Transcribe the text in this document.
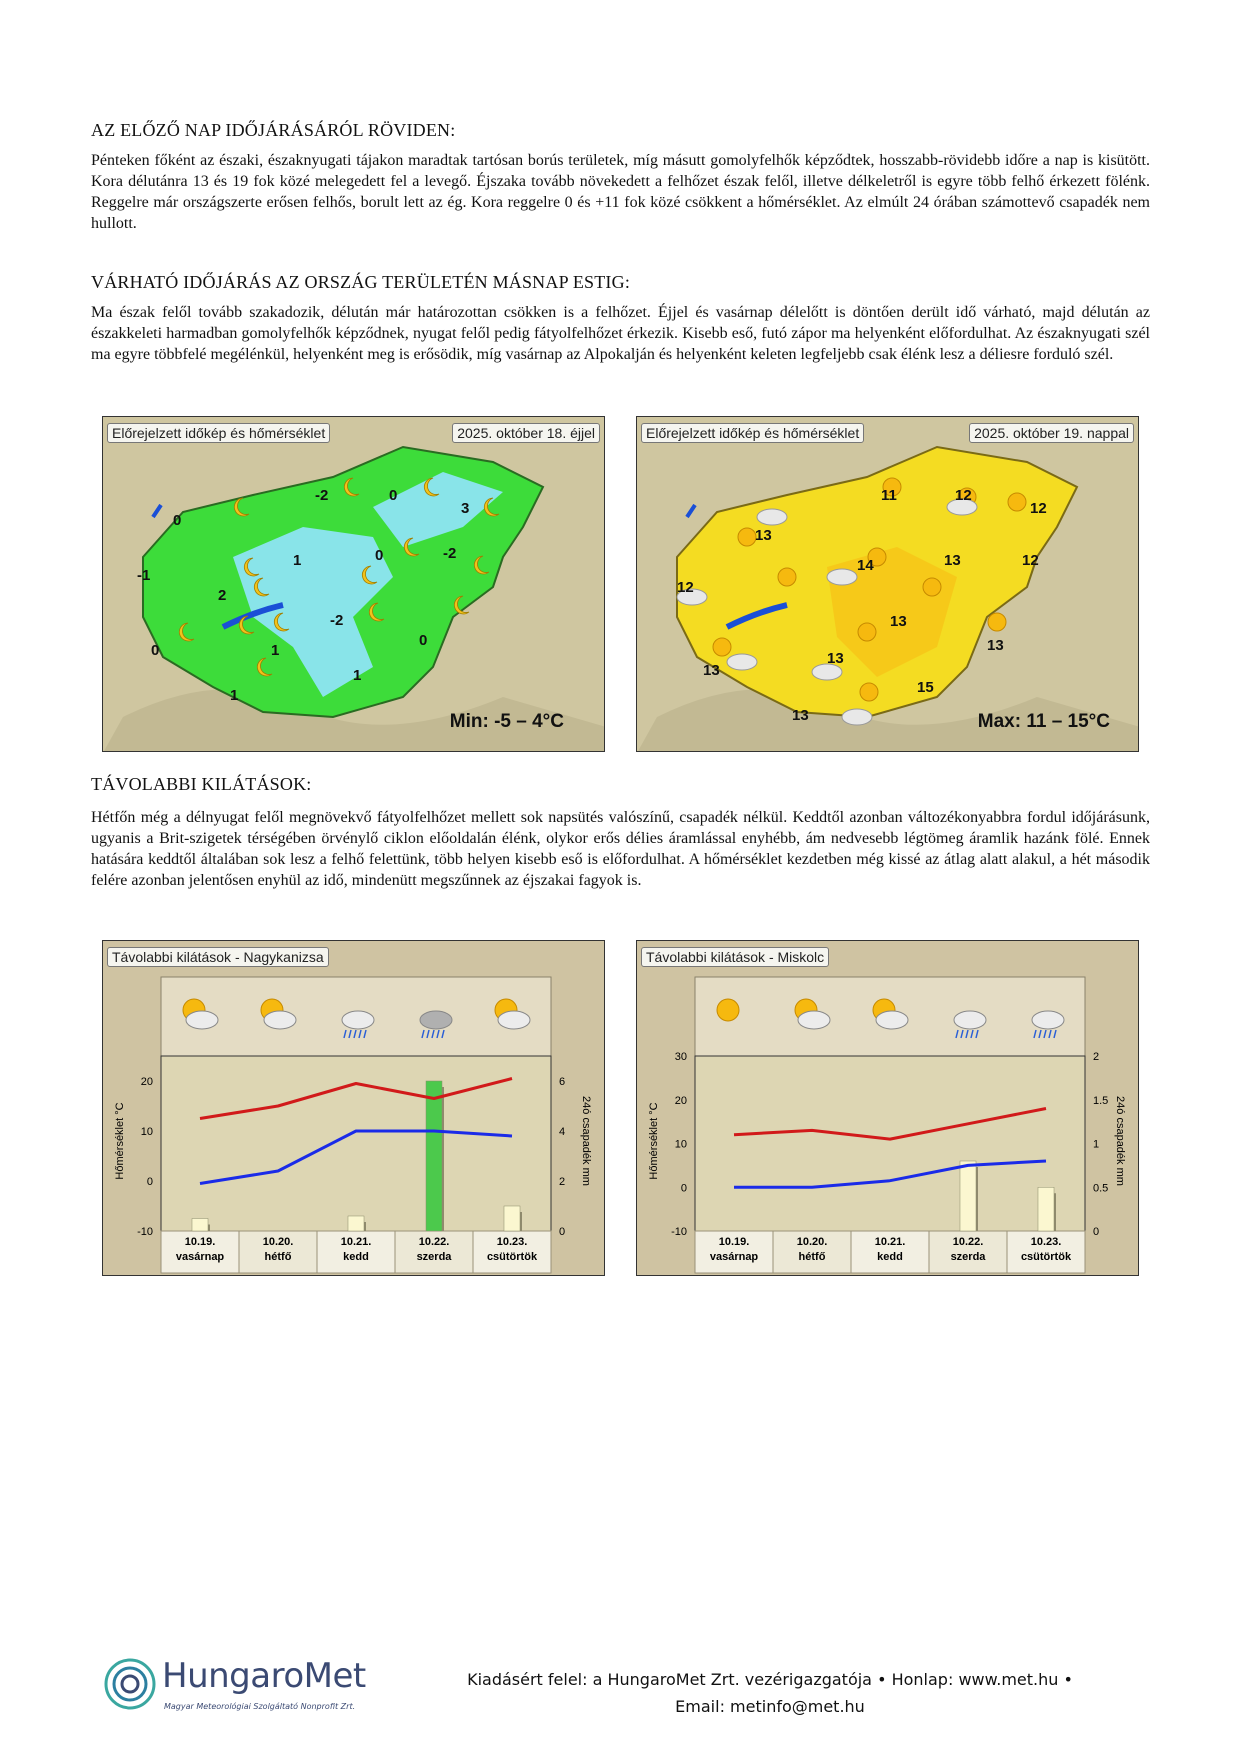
AZ ELŐZŐ NAP IDŐJÁRÁSÁRÓL RÖVIDEN:
Pénteken főként az északi, északnyugati tájakon maradtak tartósan borús területek, míg másutt gomolyfelhők képződtek, hosszabb-rövidebb időre a nap is kisütött. Kora délutánra 13 és 19 fok közé melegedett fel a levegő. Éjszaka tovább növekedett a felhőzet észak felől, illetve délkeletről is egyre több felhő érkezett fölénk. Reggelre már országszerte erősen felhős, borult lett az ég. Kora reggelre 0 és +11 fok közé csökkent a hőmérséklet. Az elmúlt 24 órában számottevő csapadék nem hullott.
VÁRHATÓ IDŐJÁRÁS AZ ORSZÁG TERÜLETÉN MÁSNAP ESTIG:
Ma észak felől tovább szakadozik, délután már határozottan csökken is a felhőzet. Éjjel és vasárnap délelőtt is döntően derült idő várható, majd délután az északkeleti harmadban gomolyfelhők képződnek, nyugat felől pedig fátyolfelhőzet érkezik. Kisebb eső, futó zápor ma helyenként előfordulhat. Az északnyugati szél ma egyre többfelé megélénkül, helyenként meg is erősödik, míg vasárnap az Alpokalján és helyenként keleten legfeljebb csak élénk lesz a déliesre forduló szél.
Előrejelzett időkép és hőmérséklet	2025. október 18. éjjel
0
-1
2
0	1
1
-2
1
-2	0
0	-2
3
1
0
Min: -5 – 4°C
Előrejelzett időkép és hőmérséklet	2025. október 19. nappal
13
12
13
14
13
13
11	12
13
12
12
13
15
13	Max: 11 – 15°C
TÁVOLABBI KILÁTÁSOK:
Hétfőn még a délnyugat felől megnövekvő fátyolfelhőzet mellett sok napsütés valószínű, csapadék nélkül. Keddtől azonban változékonyabbra fordul időjárásunk, ugyanis a Brit-szigetek térségében örvénylő ciklon előoldalán élénk, olykor erős délies áramlással enyhébb, ám nedvesebb légtömeg áramlik hazánk fölé. Ennek hatására keddtől általában sok lesz a felhő felettünk, több helyen kisebb eső is előfordulhat. A hőmérséklet kezdetben még kissé az átlag alatt alakul, a hét második felére azonban jelentősen enyhül az idő, mindenütt megszűnnek az éjszakai fagyok is.
20
10
0
-10
6
4
2
0
Hőmérséklet °C	24ó csapadék mm
10.19.
vasárnap
10.20.
hétfő
10.21.
kedd
10.22.
szerda
10.23.
csütörtök
Távolabbi kilátások - Nagykanizsa
30
20
10
0
-10
2
1.5
1
0.5
0
Hőmérséklet °C	24ó csapadék mm
10.19.
vasárnap
10.20.
hétfő
10.21.
kedd
10.22.
szerda
10.23.
csütörtök
Távolabbi kilátások - Miskolc
HungaroMet
Magyar Meteorológiai Szolgáltató Nonprofit Zrt.
Kiadásért felel: a HungaroMet Zrt. vezérigazgatója • Honlap: www.met.hu •
Email: metinfo@met.hu
